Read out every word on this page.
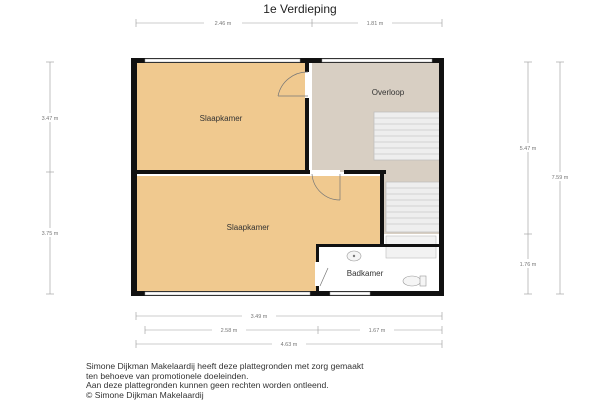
1e Verdieping
2.46 m	1.81 m
3.47 m
3.75 m
5.47 m
7.59 m
1.76 m
Slaapkamer
Overloop
Slaapkamer
Badkamer
3.49 m
2.58 m	1.67 m
4.63 m
Simone Dijkman Makelaardij heeft deze plattegronden met zorg gemaakt
ten behoeve van promotionele doeleinden.
Aan deze plattegronden kunnen geen rechten worden ontleend.
© Simone Dijkman Makelaardij
